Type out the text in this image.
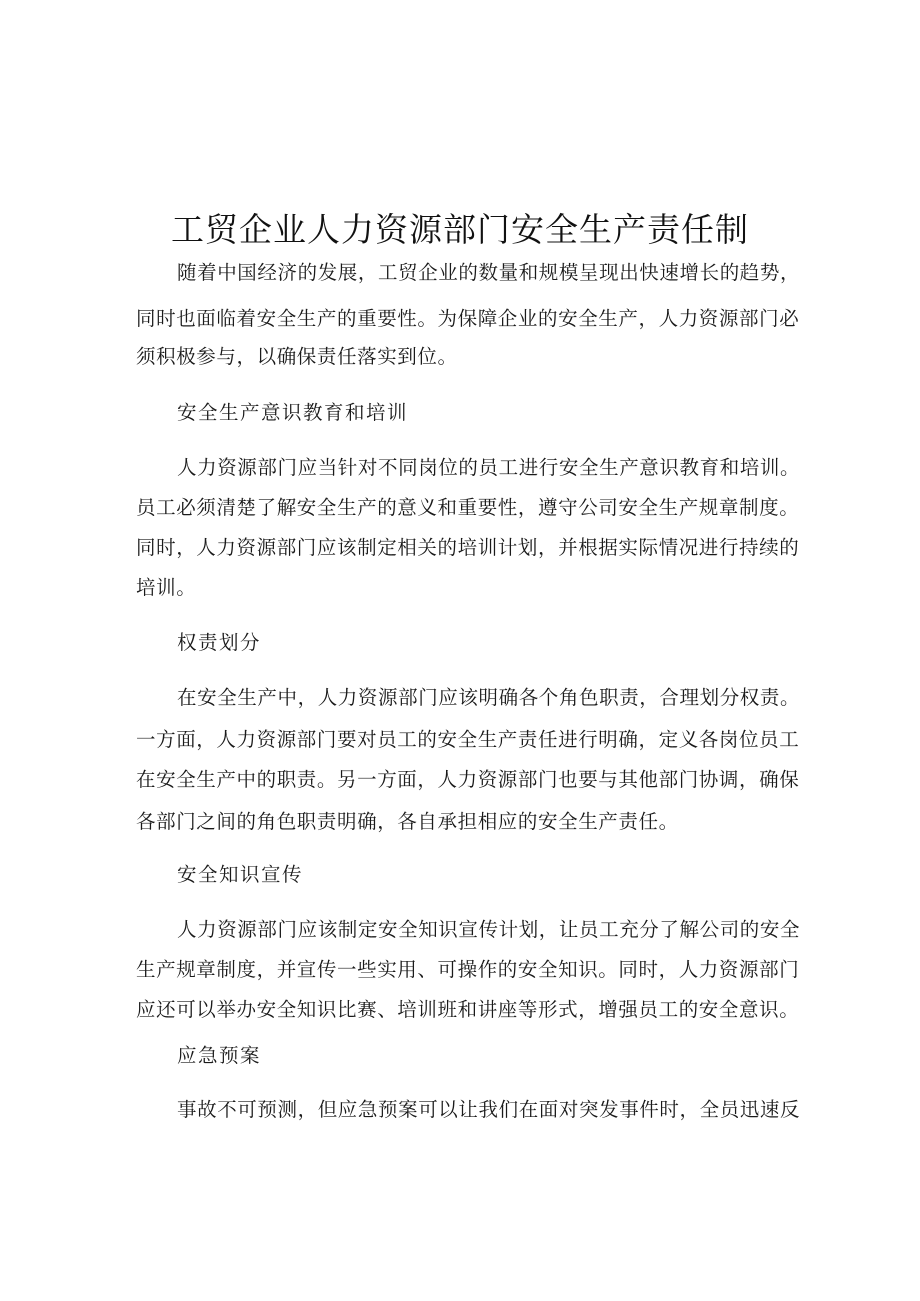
工贸企业人力资源部门安全生产责任制

随着中国经济的发展，工贸企业的数量和规模呈现出快速增长的趋势，

同时也面临着安全生产的重要性。为保障企业的安全生产，人力资源部门必

须积极参与，以确保责任落实到位。

安全生产意识教育和培训

人力资源部门应当针对不同岗位的员工进行安全生产意识教育和培训。

员工必须清楚了解安全生产的意义和重要性，遵守公司安全生产规章制度。

同时，人力资源部门应该制定相关的培训计划，并根据实际情况进行持续的

培训。

权责划分

在安全生产中，人力资源部门应该明确各个角色职责，合理划分权责。

一方面，人力资源部门要对员工的安全生产责任进行明确，定义各岗位员工

在安全生产中的职责。另一方面，人力资源部门也要与其他部门协调，确保

各部门之间的角色职责明确，各自承担相应的安全生产责任。

安全知识宣传

人力资源部门应该制定安全知识宣传计划，让员工充分了解公司的安全

生产规章制度，并宣传一些实用、可操作的安全知识。同时，人力资源部门

应还可以举办安全知识比赛、培训班和讲座等形式，增强员工的安全意识。

应急预案

事故不可预测，但应急预案可以让我们在面对突发事件时，全员迅速反
